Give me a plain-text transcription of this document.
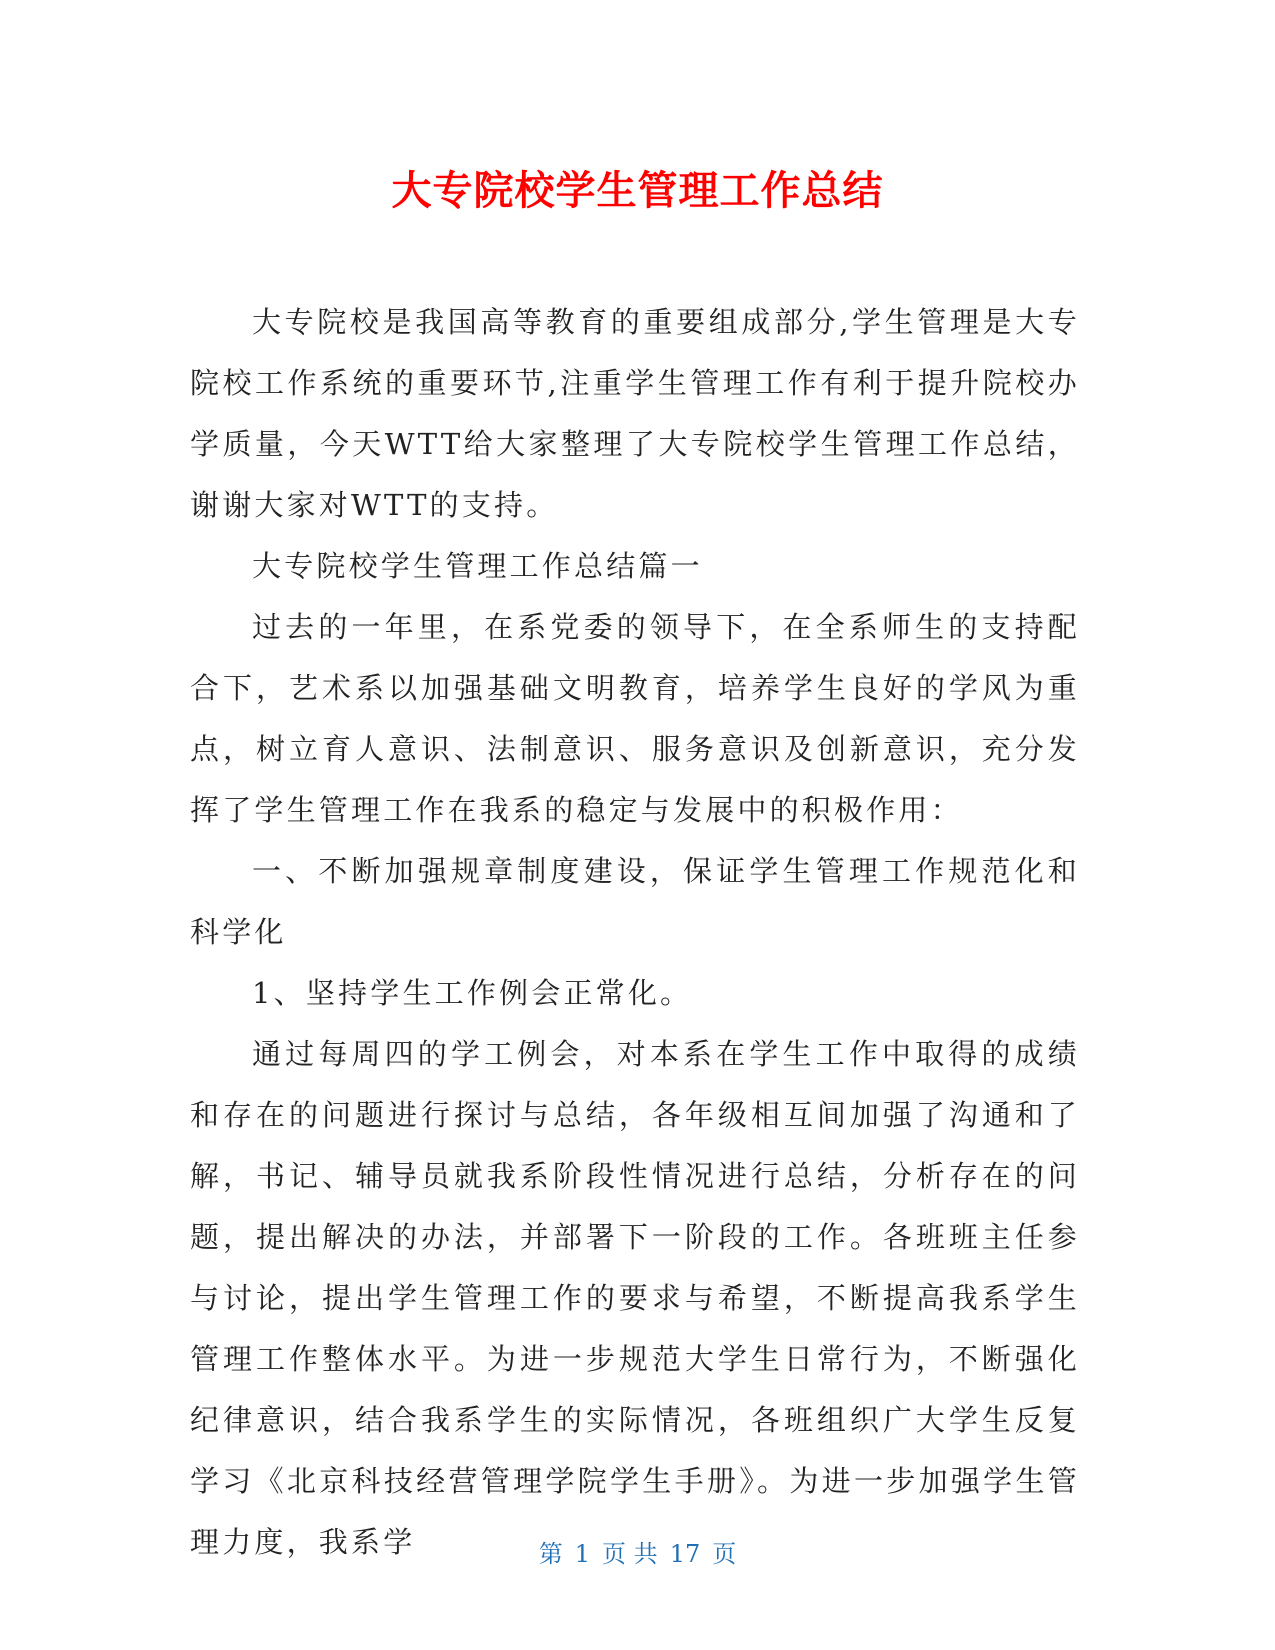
大专院校学生管理工作总结

大专院校是我国高等教育的重要组成部分,学生管理是大专院校工作系统的重要环节,注重学生管理工作有利于提升院校办学质量，今天WTT给大家整理了大专院校学生管理工作总结，谢谢大家对WTT的支持。

大专院校学生管理工作总结篇一

过去的一年里，在系党委的领导下，在全系师生的支持配合下，艺术系以加强基础文明教育，培养学生良好的学风为重点，树立育人意识、法制意识、服务意识及创新意识，充分发挥了学生管理工作在我系的稳定与发展中的积极作用：

一、不断加强规章制度建设，保证学生管理工作规范化和科学化

1、坚持学生工作例会正常化。

通过每周四的学工例会，对本系在学生工作中取得的成绩和存在的问题进行探讨与总结，各年级相互间加强了沟通和了解，书记、辅导员就我系阶段性情况进行总结，分析存在的问题，提出解决的办法，并部署下一阶段的工作。各班班主任参与讨论，提出学生管理工作的要求与希望，不断提高我系学生管理工作整体水平。为进一步规范大学生日常行为，不断强化纪律意识，结合我系学生的实际情况，各班组织广大学生反复学习《北京科技经营管理学院学生手册》。为进一步加强学生管理力度，我系学	第 1 页 共 17 页
